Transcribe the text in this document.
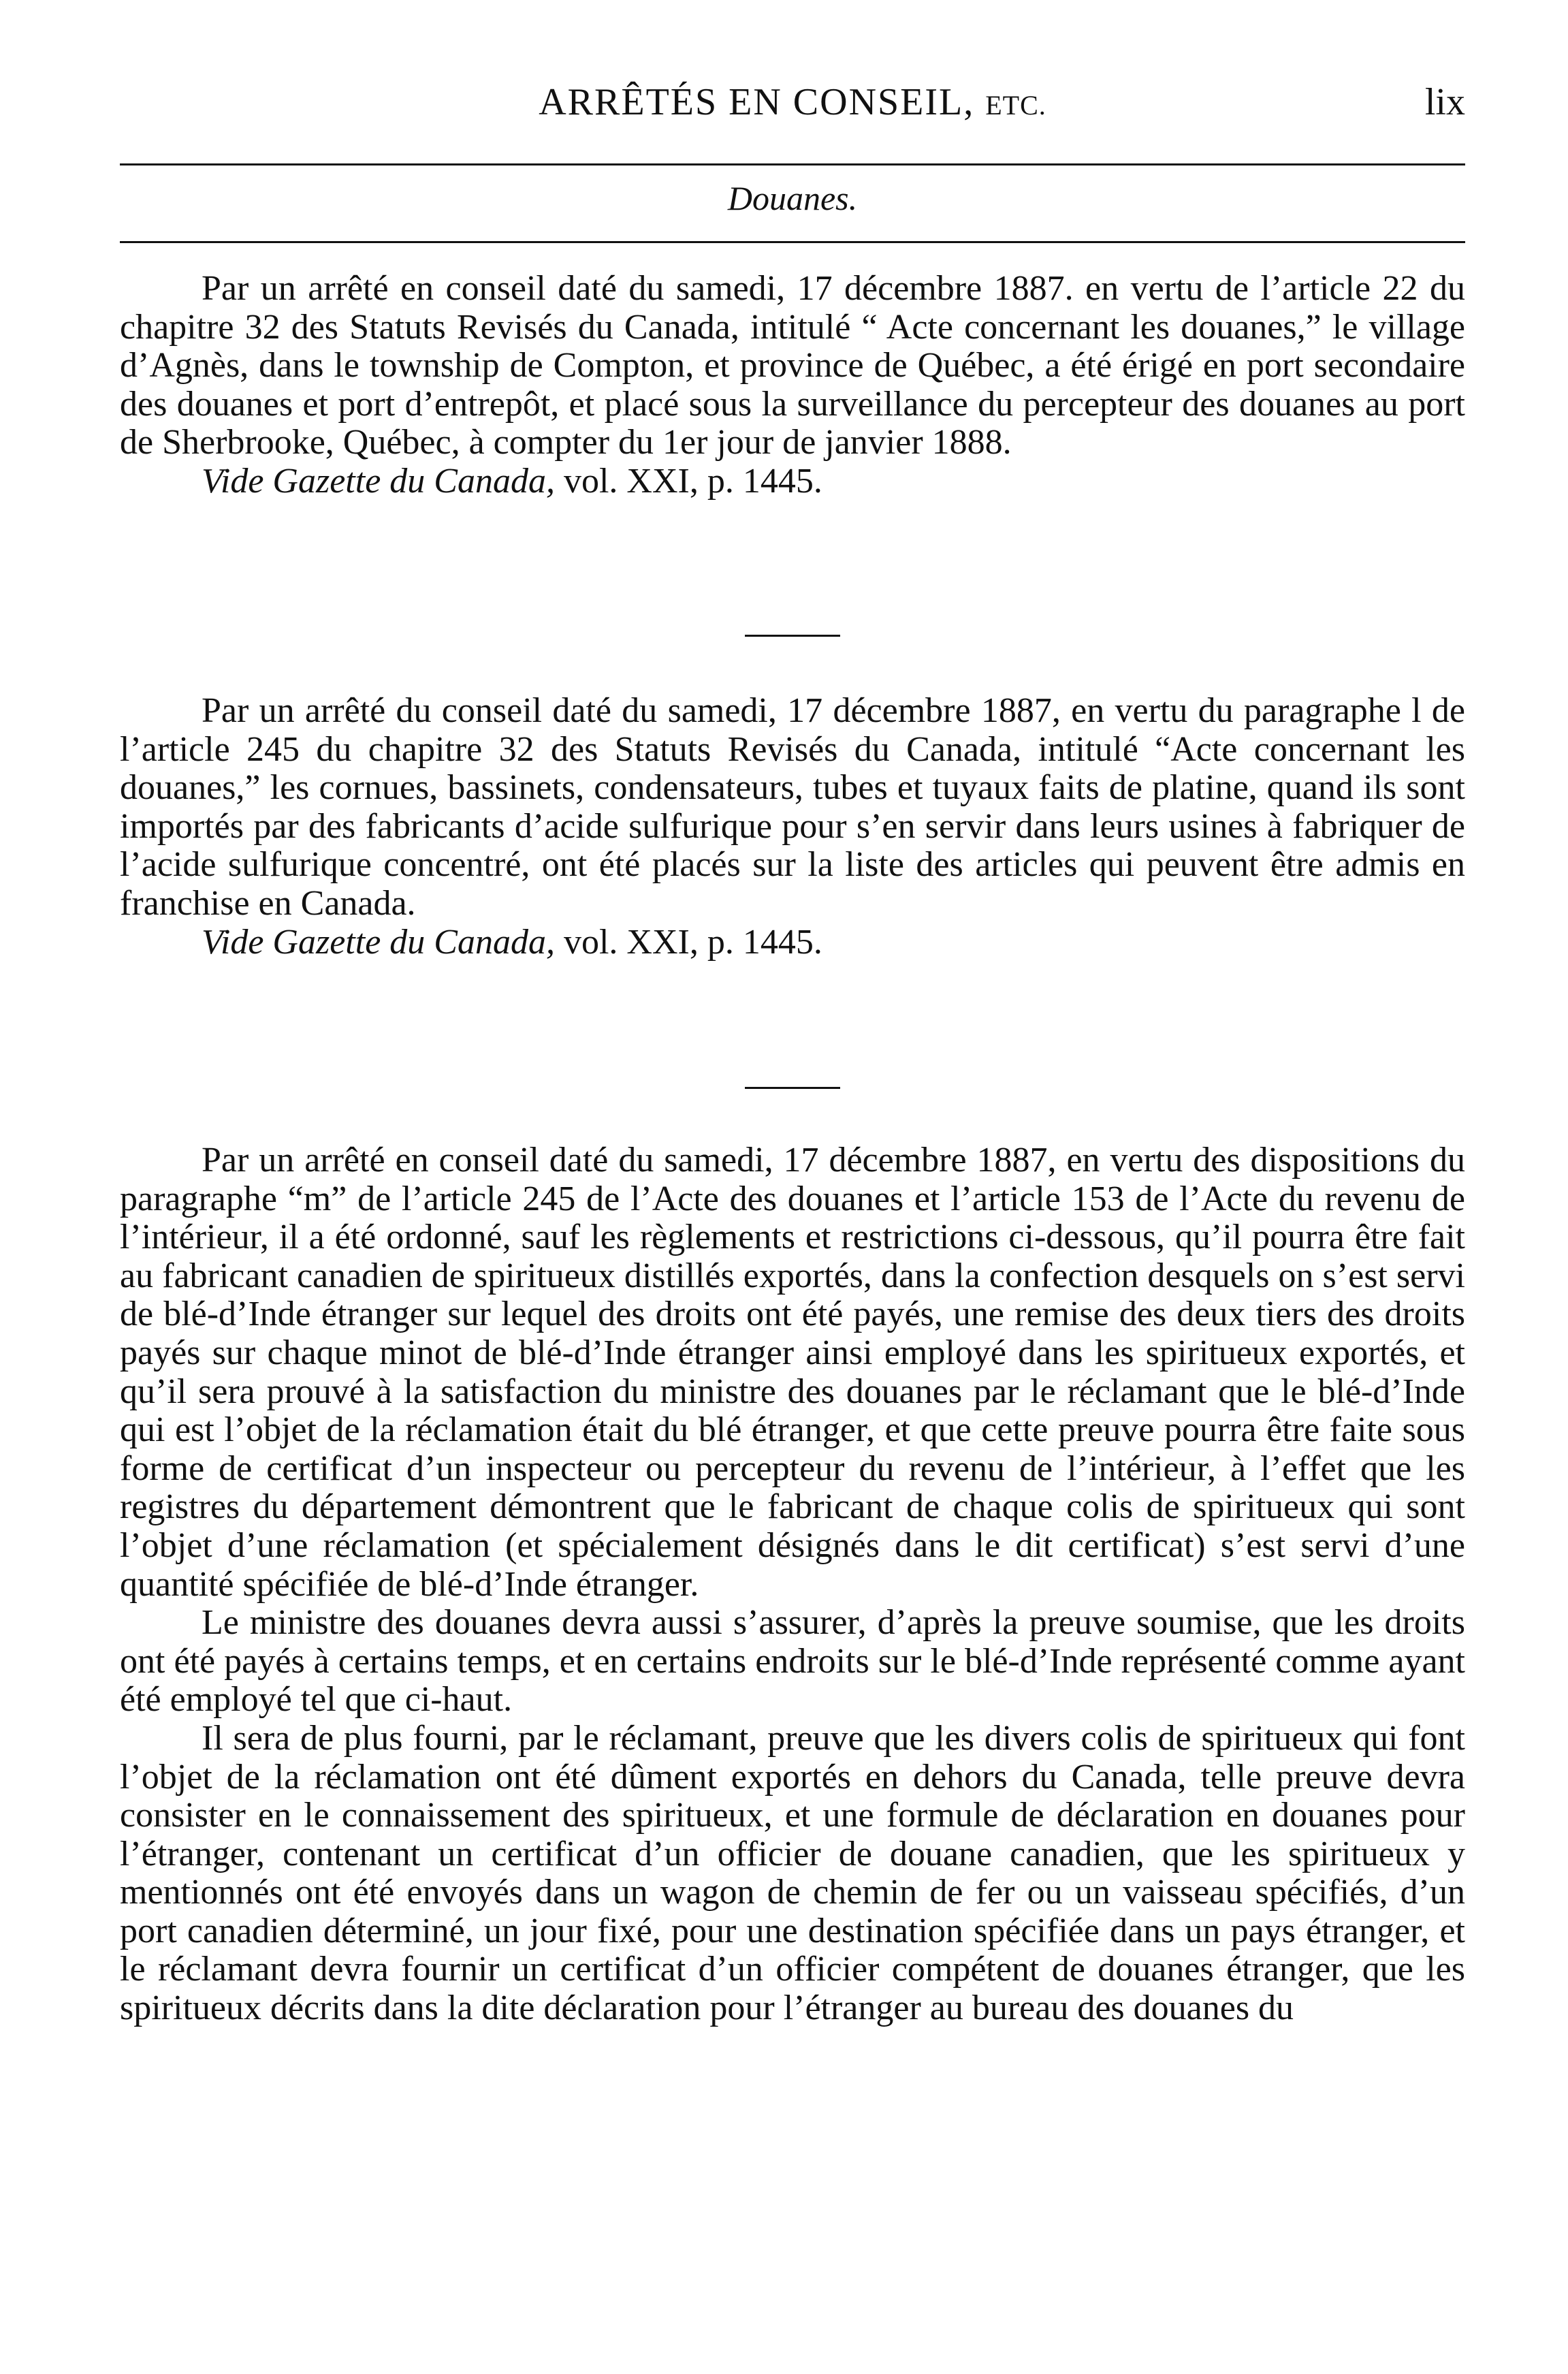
ARRÊTÉS EN CONSEIL, ETC.	lix
Douanes.

Par un arrêté en conseil daté du samedi, 17 décembre 1887. en vertu de l’article 22 du chapitre 32 des Statuts Revisés du Canada, intitulé “ Acte concernant les douanes,” le village d’Agnès, dans le township de Compton, et province de Québec, a été érigé en port secondaire des douanes et port d’entrepôt, et placé sous la surveillance du percepteur des douanes au port de Sherbrooke, Québec, à compter du 1er jour de janvier 1888.

Vide Gazette du Canada, vol. XXI, p. 1445.

Par un arrêté du conseil daté du samedi, 17 décembre 1887, en vertu du paragraphe l de l’article 245 du chapitre 32 des Statuts Revisés du Canada, intitulé “Acte concernant les douanes,” les cornues, bassinets, condensateurs, tubes et tuyaux faits de platine, quand ils sont importés par des fabricants d’acide sulfurique pour s’en servir dans leurs usines à fabriquer de l’acide sulfurique concentré, ont été placés sur la liste des articles qui peuvent être admis en franchise en Canada.

Vide Gazette du Canada, vol. XXI, p. 1445.

Par un arrêté en conseil daté du samedi, 17 décembre 1887, en vertu des dispositions du paragraphe “m” de l’article 245 de l’Acte des douanes et l’article 153 de l’Acte du revenu de l’intérieur, il a été ordonné, sauf les règlements et restrictions ci-dessous, qu’il pourra être fait au fabricant canadien de spiritueux distillés exportés, dans la confection desquels on s’est servi de blé-d’Inde étranger sur lequel des droits ont été payés, une remise des deux tiers des droits payés sur chaque minot de blé-d’Inde étranger ainsi employé dans les spiritueux exportés, et qu’il sera prouvé à la satisfaction du ministre des douanes par le réclamant que le blé-d’Inde qui est l’objet de la réclamation était du blé étranger, et que cette preuve pourra être faite sous forme de certificat d’un inspecteur ou percepteur du revenu de l’intérieur, à l’effet que les registres du département démontrent que le fabricant de chaque colis de spiritueux qui sont l’objet d’une réclamation (et spécialement désignés dans le dit certificat) s’est servi d’une quantité spécifiée de blé-d’Inde étranger.

Le ministre des douanes devra aussi s’assurer, d’après la preuve soumise, que les droits ont été payés à certains temps, et en certains endroits sur le blé-d’Inde représenté comme ayant été employé tel que ci-haut.

Il sera de plus fourni, par le réclamant, preuve que les divers colis de spiritueux qui font l’objet de la réclamation ont été dûment exportés en dehors du Canada, telle preuve devra consister en le connaissement des spiritueux, et une formule de déclaration en douanes pour l’étranger, contenant un certificat d’un officier de douane canadien, que les spiritueux y mentionnés ont été envoyés dans un wagon de chemin de fer ou un vaisseau spécifiés, d’un port canadien déterminé, un jour fixé, pour une destination spécifiée dans un pays étranger, et le réclamant devra fournir un certificat d’un officier compétent de douanes étranger, que les spiritueux décrits dans la dite déclaration pour l’étranger au bureau des douanes du
